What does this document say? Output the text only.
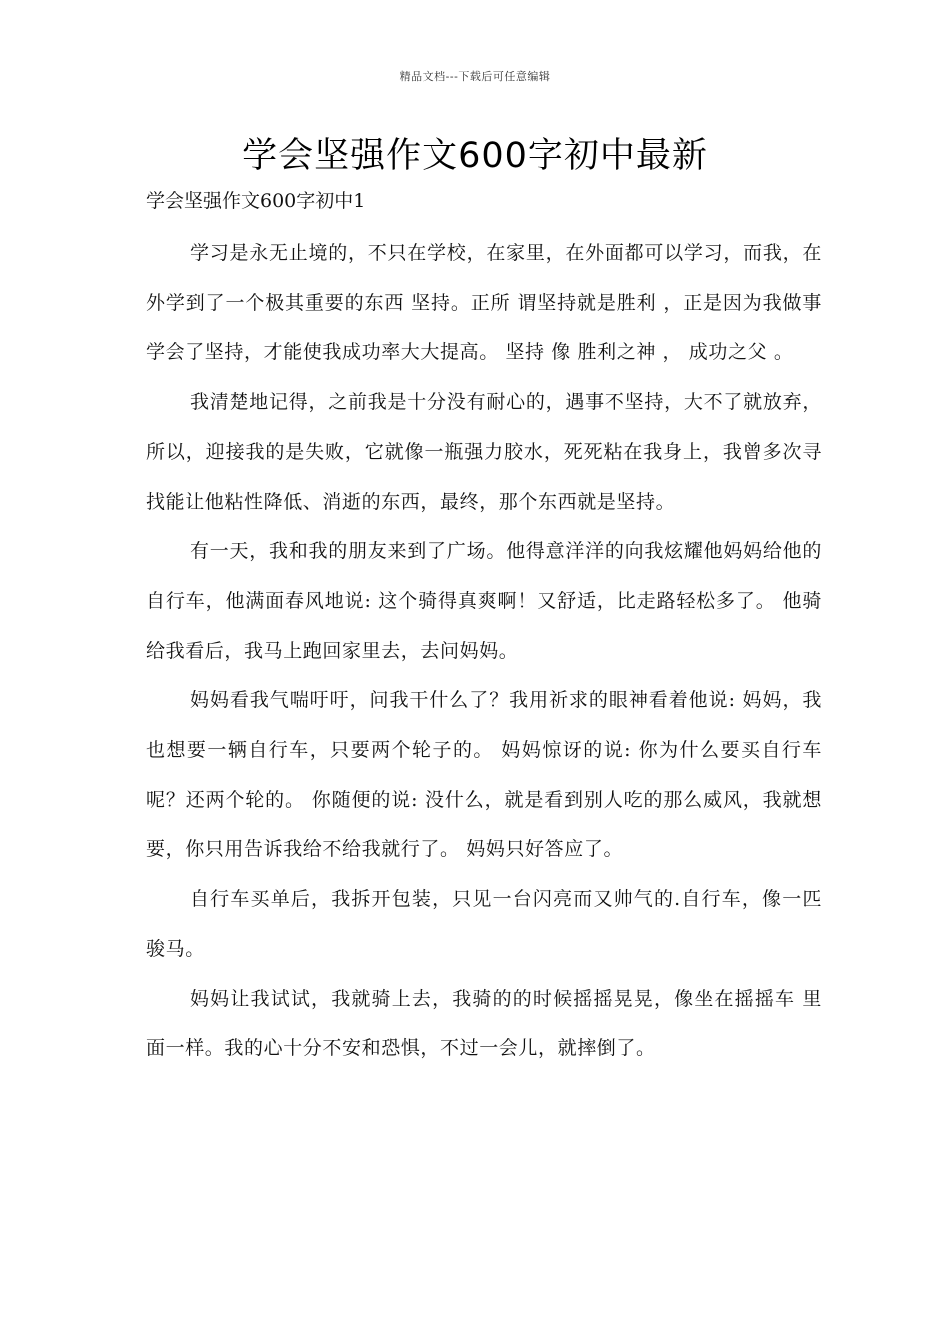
精品文档---下载后可任意编辑
学会坚强作文600字初中最新

学会坚强作文600字初中1

学习是永无止境的，不只在学校，在家里，在外面都可以学习，而我，在外学到了一个极其重要的东西 坚持。正所 谓坚持就是胜利 ，正是因为我做事学会了坚持，才能使我成功率大大提高。 坚持 像 胜利之神 ， 成功之父 。

我清楚地记得，之前我是十分没有耐心的，遇事不坚持，大不了就放弃，所以，迎接我的是失败，它就像一瓶强力胶水，死死粘在我身上，我曾多次寻找能让他粘性降低、消逝的东西，最终，那个东西就是坚持。

有一天，我和我的朋友来到了广场。他得意洋洋的向我炫耀他妈妈给他的自行车，他满面春风地说: 这个骑得真爽啊！又舒适，比走路轻松多了。 他骑给我看后，我马上跑回家里去，去问妈妈。

妈妈看我气喘吁吁，问我干什么了？我用祈求的眼神看着他说: 妈妈，我也想要一辆自行车，只要两个轮子的。 妈妈惊讶的说: 你为什么要买自行车呢？还两个轮的。 你随便的说: 没什么，就是看到别人吃的那么威风，我就想要，你只用告诉我给不给我就行了。 妈妈只好答应了。

自行车买单后，我拆开包装，只见一台闪亮而又帅气的.自行车，像一匹骏马。

妈妈让我试试，我就骑上去，我骑的的时候摇摇晃晃，像坐在摇摇车 里面一样。我的心十分不安和恐惧，不过一会儿，就摔倒了。
